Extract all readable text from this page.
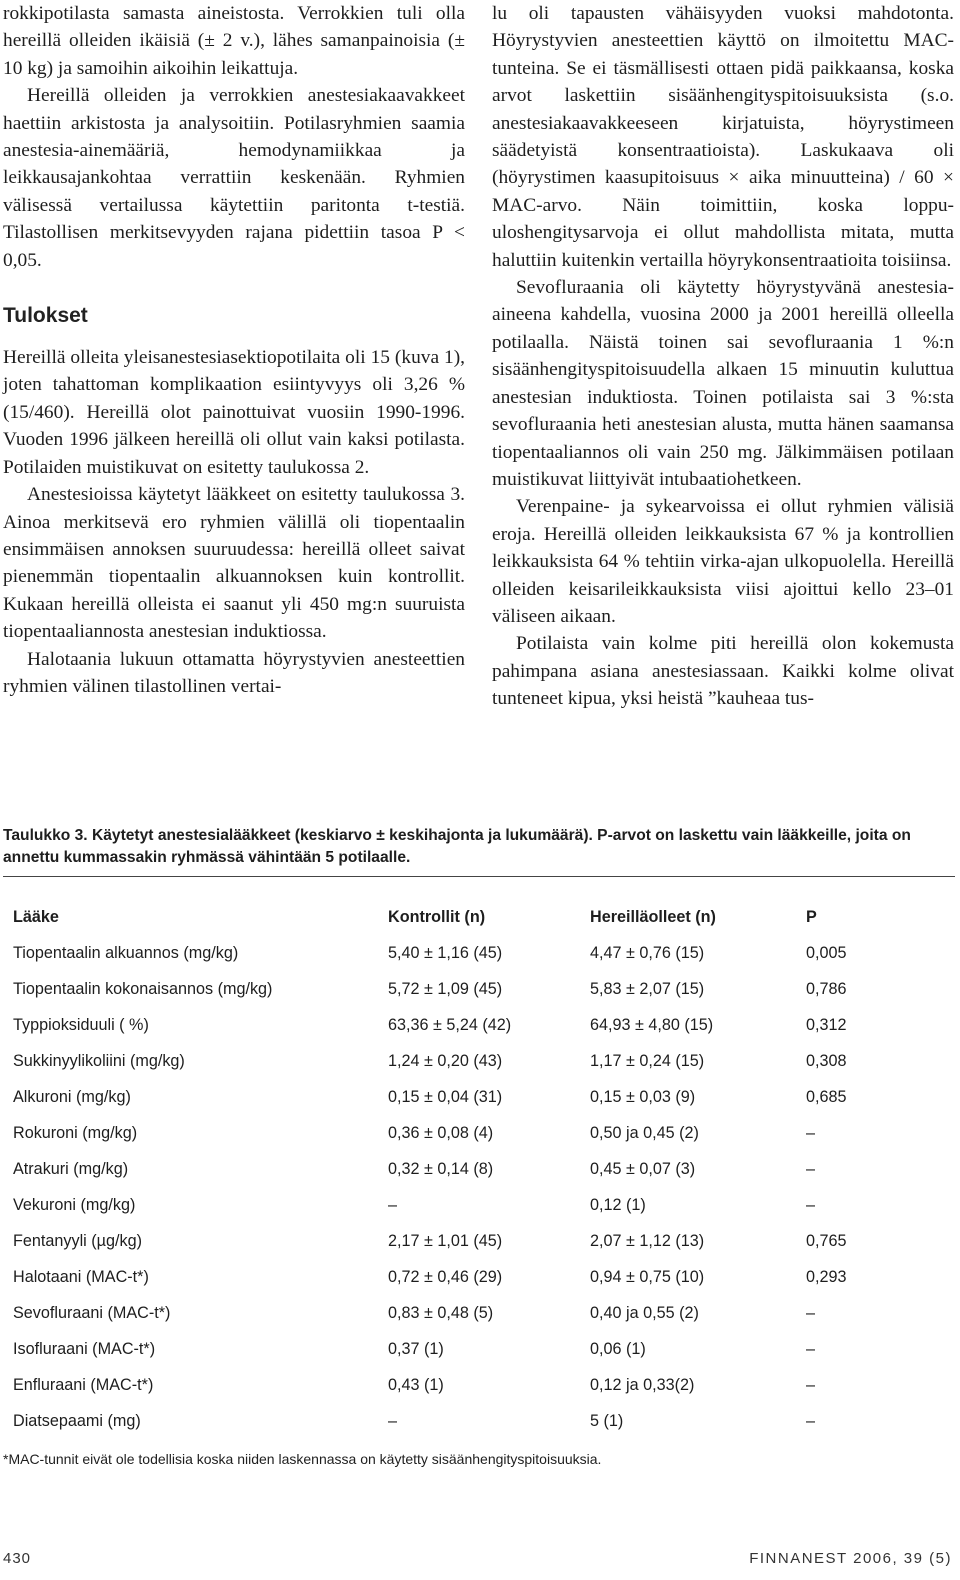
rokkipotilasta samasta aineistosta. Verrokkien tuli olla hereillä olleiden ikäisiä (± 2 v.), lähes samanpainoisia (± 10 kg) ja samoihin aikoihin leikattuja.

Hereillä olleiden ja verrokkien anestesiakaavakkeet haettiin arkistosta ja analysoitiin. Potilasryhmien saamia anestesia-ainemääriä, hemodynamiikkaa ja leikkausajankohtaa verrattiin keskenään. Ryhmien välisessä vertailussa käytettiin paritonta t-testiä. Tilastollisen merkitsevyyden rajana pidettiin tasoa P < 0,05.

Tulokset

Hereillä olleita yleisanestesiasektiopotilaita oli 15 (kuva 1), joten tahattoman komplikaation esiintyvyys oli 3,26 % (15/460). Hereillä olot painottuivat vuosiin 1990-1996. Vuoden 1996 jälkeen hereillä oli ollut vain kaksi potilasta. Potilaiden muistikuvat on esitetty taulukossa 2.

Anestesioissa käytetyt lääkkeet on esitetty taulukossa 3. Ainoa merkitsevä ero ryhmien välillä oli tiopentaalin ensimmäisen annoksen suuruudessa: hereillä olleet saivat pienemmän tiopentaalin alkuannoksen kuin kontrollit. Kukaan hereillä olleista ei saanut yli 450 mg:n suuruista tiopentaaliannosta anestesian induktiossa.

Halotaania lukuun ottamatta höyrystyvien anesteettien ryhmien välinen tilastollinen vertai-

lu oli tapausten vähäisyyden vuoksi mahdotonta. Höyrystyvien anesteettien käyttö on ilmoitettu MAC-tunteina. Se ei täsmällisesti ottaen pidä paikkaansa, koska arvot laskettiin sisäänhengityspitoisuuksista (s.o. anestesiakaavakkeeseen kirjatuista, höyrystimeen säädetyistä konsentraatioista). Laskukaava oli (höyrystimen kaasupitoisuus × aika minuutteina) / 60 × MAC-arvo. Näin toimittiin, koska loppu-uloshengitysarvoja ei ollut mahdollista mitata, mutta haluttiin kuitenkin vertailla höyrykonsentraatioita toisiinsa.

Sevofluraania oli käytetty höyrystyvänä anestesia-aineena kahdella, vuosina 2000 ja 2001 hereillä olleella potilaalla. Näistä toinen sai sevofluraania 1 %:n sisäänhengityspitoisuudella alkaen 15 minuutin kuluttua anestesian induktiosta. Toinen potilaista sai 3 %:sta sevofluraania heti anestesian alusta, mutta hänen saamansa tiopentaaliannos oli vain 250 mg. Jälkimmäisen potilaan muistikuvat liittyivät intubaatiohetkeen.

Verenpaine- ja sykearvoissa ei ollut ryhmien välisiä eroja. Hereillä olleiden leikkauksista 67 % ja kontrollien leikkauksista 64 % tehtiin virka-ajan ulkopuolella. Hereillä olleiden keisarileikkauksista viisi ajoittui kello 23–01 väliseen aikaan.

Potilaista vain kolme piti hereillä olon kokemusta pahimpana asiana anestesiassaan. Kaikki kolme olivat tunteneet kipua, yksi heistä ”kauheaa tus-

Taulukko 3. Käytetyt anestesialääkkeet (keskiarvo ± keskihajonta ja lukumäärä). P-arvot on laskettu vain lääkkeille, joita on annettu kummassakin ryhmässä vähintään 5 potilaalle.

Lääke	Kontrollit (n)	Hereilläolleet (n)	P
Tiopentaalin alkuannos (mg/kg)	5,40 ± 1,16 (45)	4,47 ± 0,76 (15)	0,005
Tiopentaalin kokonaisannos (mg/kg)	5,72 ± 1,09 (45)	5,83 ± 2,07 (15)	0,786
Typpioksiduuli ( %)	63,36 ± 5,24 (42)	64,93 ± 4,80 (15)	0,312
Sukkinyylikoliini (mg/kg)	1,24 ± 0,20 (43)	1,17 ± 0,24 (15)	0,308
Alkuroni (mg/kg)	0,15 ± 0,04 (31)	0,15 ± 0,03 (9)	0,685
Rokuroni (mg/kg)	0,36 ± 0,08 (4)	0,50 ja 0,45 (2)	–
Atrakuri (mg/kg)	0,32 ± 0,14 (8)	0,45 ± 0,07 (3)	–
Vekuroni (mg/kg)	–	0,12 (1)	–
Fentanyyli (µg/kg)	2,17 ± 1,01 (45)	2,07 ± 1,12 (13)	0,765
Halotaani (MAC-t*)	0,72 ± 0,46 (29)	0,94 ± 0,75 (10)	0,293
Sevofluraani (MAC-t*)	0,83 ± 0,48 (5)	0,40 ja 0,55 (2)	–
Isofluraani (MAC-t*)	0,37 (1)	0,06 (1)	–
Enfluraani (MAC-t*)	0,43 (1)	0,12 ja 0,33(2)	–
Diatsepaami (mg)	–	5 (1)	–
*MAC-tunnit eivät ole todellisia koska niiden laskennassa on käytetty sisäänhengityspitoisuuksia.
430	FINNANEST 2006, 39 (5)
